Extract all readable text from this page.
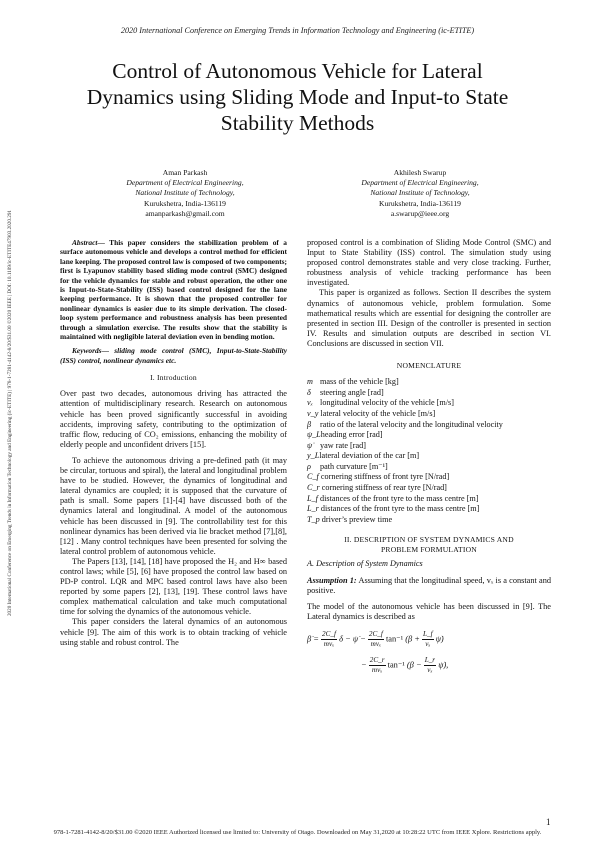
2020 International Conference on Emerging Trends in Information Technology and Engineering (ic-ETITE)
2020 International Conference on Emerging Trends in Information Technology and Engineering (ic-ETITE) | 978-1-7281-4142-8/20/$31.00 ©2020 IEEE | DOI: 10.1109/ic-ETITE47903.2020.291
Control of Autonomous Vehicle for Lateral
Dynamics using Sliding Mode and Input-to State
Stability Methods
Aman Parkash
Department of Electrical Engineering,
National Institute of Technology,
Kurukshetra, India-136119
amanparkash@gmail.com
Akhilesh Swarup
Department of Electrical Engineering,
National Institute of Technology,
Kurukshetra, India-136119
a.swarup@ieee.org

Abstract— This paper considers the stabilization problem of a surface autonomous vehicle and develops a control method for efficient lane keeping. The proposed control law is composed of two components; first is Lyapunov stability based sliding mode control (SMC) designed for the vehicle dynamics for stable and robust operation, the other one is Input-to-State-Stability (ISS) based control designed for the lane keeping performance. It is shown that the proposed controller for nonlinear dynamics is easier due to its simple derivation. The closed-loop system performance and robustness analysis has been presented through a simulation exercise. The results show that the stability is maintained with negligible lateral deviation even in bending motion.

Keywords— sliding mode control (SMC), Input-to-State-Stability (ISS) control, nonlinear dynamics etc.

I. Introduction

Over past two decades, autonomous driving has attracted the attention of multidisciplinary research. Research on autonomous vehicle has been proved significantly successful in avoiding accidents, improving safety, contributing to the optimization of traffic flow, reducing of CO₂ emissions, enhancing the mobility of elderly people and unconfident drivers [15].

To achieve the autonomous driving a pre-defined path (it may be circular, tortuous and spiral), the lateral and longitudinal problem have to be studied. However, the dynamics of longitudinal and lateral dynamics are coupled; it is supposed that the curvature of path is small. Some papers [1]-[4] have discussed both of the dynamics lateral and longitudinal. A model of the autonomous vehicle has been discussed in [9]. The controllability test for this nonlinear dynamics has been derived via lie bracket method [7],[8],[12] . Many control techniques have been presented for solving the lateral control problem of autonomous vehicle.

The Papers [13], [14], [18] have proposed the H₂ and H∞ based control laws; while [5], [6] have proposed the control law based on PD-P control. LQR and MPC based control laws have also been reported by some papers [2], [13], [19]. These control laws have complex mathematical calculation and take much computational time for solving the dynamics of the autonomous vehicle.

This paper considers the lateral dynamics of an autonomous vehicle [9]. The aim of this work is to obtain tracking of vehicle using stable and robust control. The

proposed control is a combination of Sliding Mode Control (SMC) and Input to State Stability (ISS) control. The simulation study using proposed control demonstrates stable and very close tracking. Further, robustness analysis of vehicle tracking performance has been investigated.

This paper is organized as follows. Section II describes the system dynamics of autonomous vehicle, problem formulation. Some mathematical results which are essential for designing the controller are presented in section III. Design of the controller is presented in section IV. Results and simulation outputs are described in section VI. Conclusions are discussed in section VII.

NOMENCLATURE
m mass of the vehicle [kg]
δ steering angle [rad]
vₓ longitudinal velocity of the vehicle [m/s]
v_y lateral velocity of the vehicle [m/s]
β ratio of the lateral velocity and the longitudinal velocity
ψ_Lheading error [rad]
ψ̇ yaw rate [rad]
y_Llateral deviation of the car [m]
ρ path curvature [m⁻¹]
C_f cornering stiffness of front tyre [N/rad]
C_r cornering stiffness of rear tyre [N/rad]
L_f distances of the front tyre to the mass centre [m]
L_r distances of the front tyre to the mass centre [m]
T_p driver’s preview time
II. DESCRIPTION OF SYSTEM DYNAMICS AND
PROBLEM FORMULATION
A. Description of System Dynamics

Assumption 1: Assuming that the longitudinal speed, vₓ is a constant and positive.

The model of the autonomous vehicle has been discussed in [9]. The Lateral dynamics is described as

β̇ = $\frac{2C\_f}{\text{mvₓ}}$ δ − ψ̇ − $\frac{2C\_f}{\text{mvₓ}} \tan^{-1}$ ($\beta + \frac{L\_f}{\text{vₓ}}$ ψ̇)
− $\frac{2C\_r}{\text{mvₓ}} \tan^{-1}$ ($\beta - \frac{L\_r}{\text{vₓ}}$ ψ̇),
1
978-1-7281-4142-8/20/$31.00 ©2020 IEEE Authorized licensed use limited to: University of Otago. Downloaded on May 31,2020 at 10:28:22 UTC from IEEE Xplore. Restrictions apply.
